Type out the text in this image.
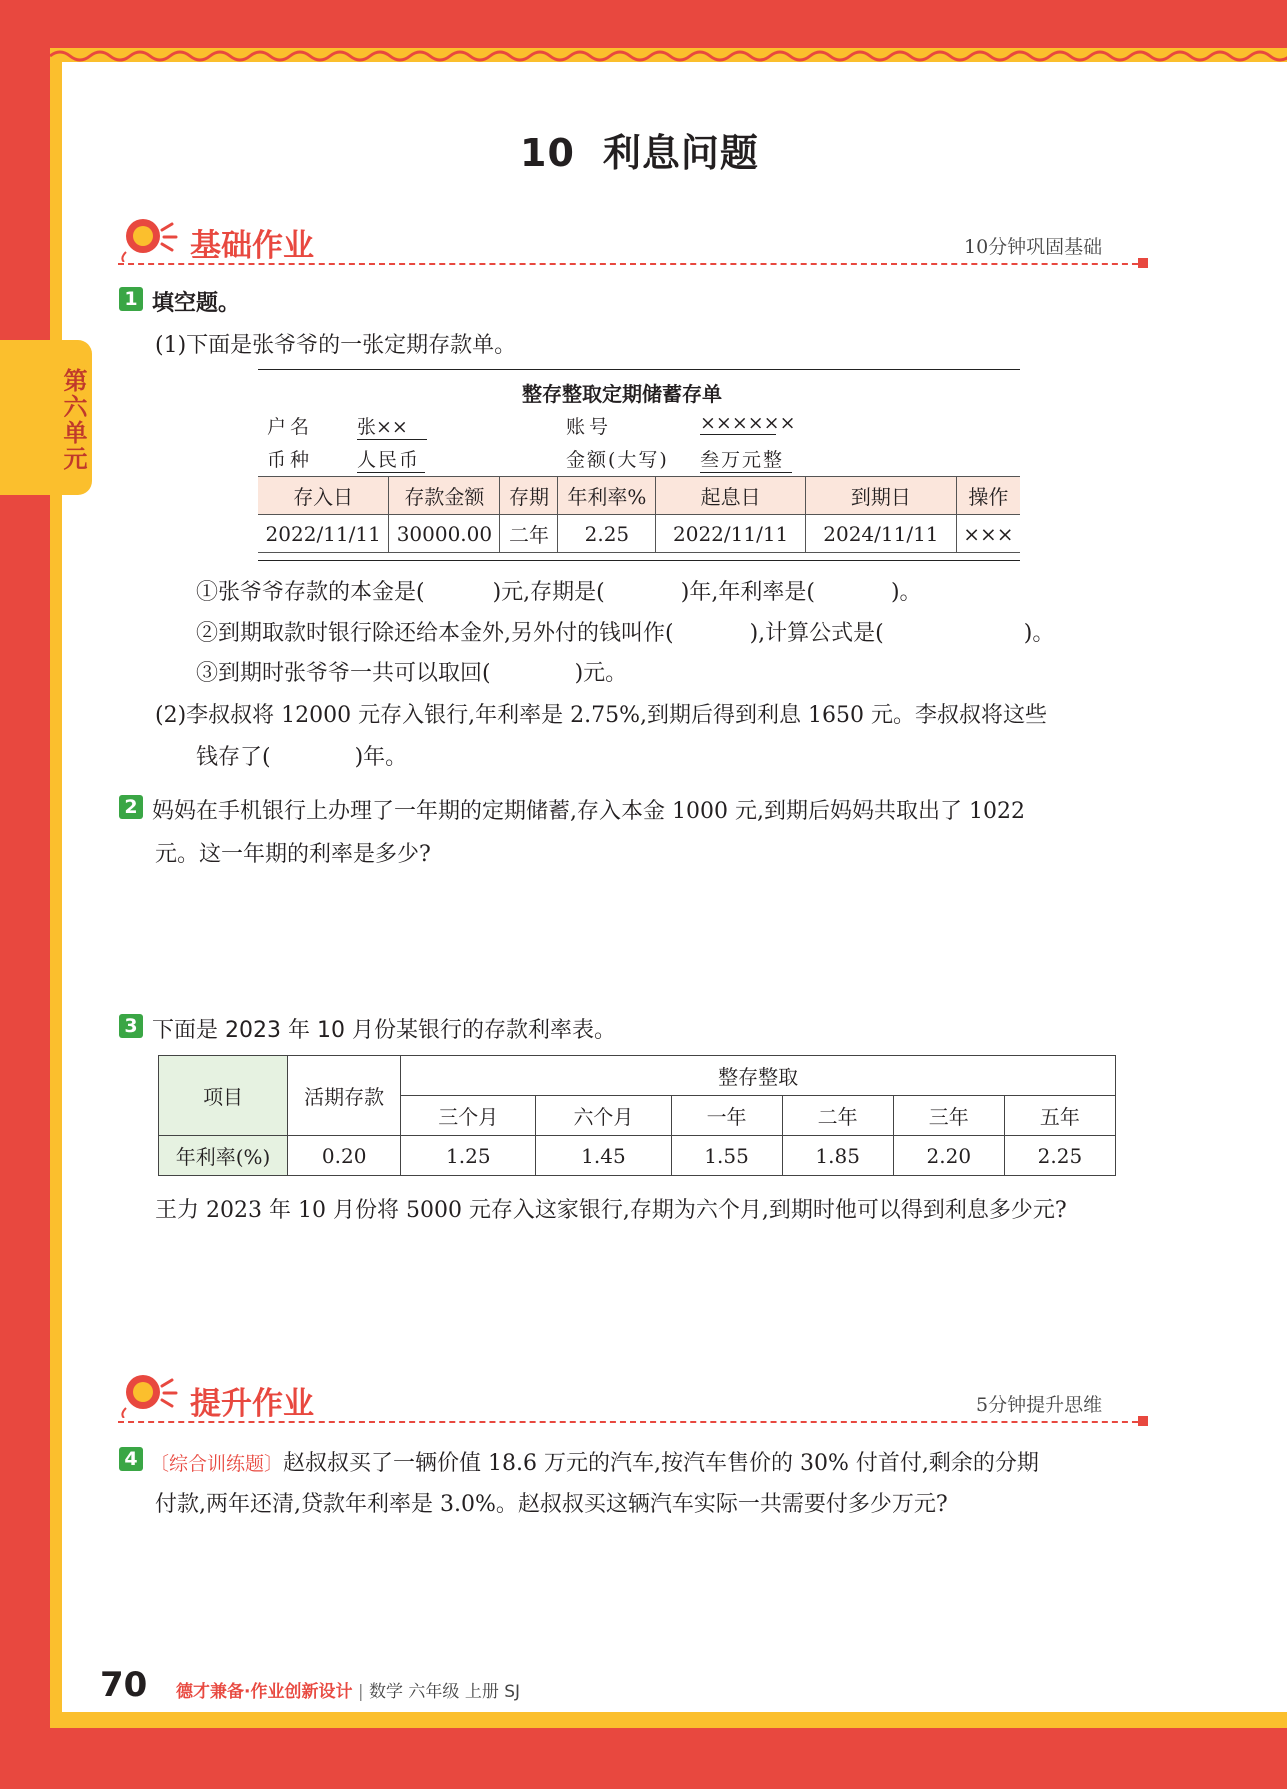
第六单元
10 利息问题
基础作业	10分钟巩固基础
1 填空题。
(1)下面是张爷爷的一张定期存款单。
整存整取定期储蓄存单
户名 张××	账号	××××××
币种 人民币	金额(大写) 叁万元整
存入日	存款金额	存期	年利率%	起息日	到期日	操作
2022/11/11	30000.00	二年	2.25	2022/11/11	2024/11/11	×××
①张爷爷存款的本金是(	)元,存期是(	)年,年利率是(	)。
②到期取款时银行除还给本金外,另外付的钱叫作(	),计算公式是(	)。
③到期时张爷爷一共可以取回(	)元。
(2)李叔叔将 12000 元存入银行,年利率是 2.75%,到期后得到利息 1650 元。李叔叔将这些
钱存了(	)年。
2 妈妈在手机银行上办理了一年期的定期储蓄,存入本金 1000 元,到期后妈妈共取出了 1022
元。这一年期的利率是多少?
3 下面是 2023 年 10 月份某银行的存款利率表。
项目	活期存款	整存整取					
		三个月	六个月	一年	二年	三年	五年
年利率(%)	0.20	1.25	1.45	1.55	1.85	2.20	2.25
王力 2023 年 10 月份将 5000 元存入这家银行,存期为六个月,到期时他可以得到利息多少元?
提升作业	5分钟提升思维
4 〔综合训练题〕赵叔叔买了一辆价值 18.6 万元的汽车,按汽车售价的 30% 付首付,剩余的分期
付款,两年还清,贷款年利率是 3.0%。赵叔叔买这辆汽车实际一共需要付多少万元?
70 德才兼备·作业创新设计 | 数学 六年级 上册 SJ
